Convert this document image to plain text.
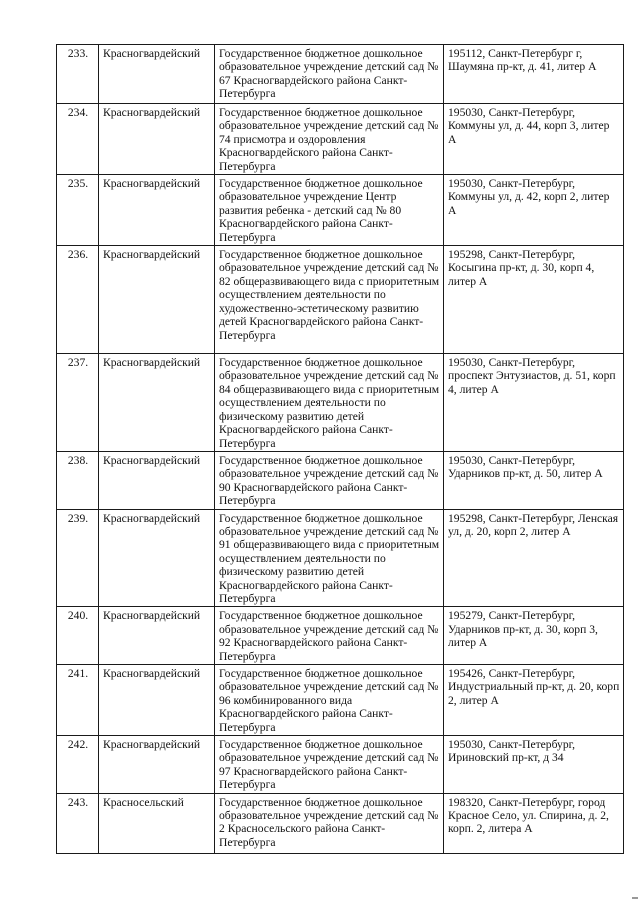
233.	Красногвардейский	Государственное бюджетное дошкольное образовательное учреждение детский сад № 67 Красногвардейского района Санкт-Петербурга	195112, Санкт-Петербург г, Шаумяна пр-кт, д. 41, литер А
234.	Красногвардейский	Государственное бюджетное дошкольное образовательное учреждение детский сад № 74 присмотра и оздоровления Красногвардейского района Санкт-Петербурга	195030, Санкт-Петербург, Коммуны ул, д. 44, корп 3, литер А
235.	Красногвардейский	Государственное бюджетное дошкольное образовательное учреждение Центр развития ребенка - детский сад № 80 Красногвардейского района Санкт-Петербурга	195030, Санкт-Петербург, Коммуны ул, д. 42, корп 2, литер А
236.	Красногвардейский	Государственное бюджетное дошкольное образовательное учреждение детский сад № 82 общеразвивающего вида с приоритетным осуществлением деятельности по художественно-эстетическому развитию детей Красногвардейского района Санкт-Петербурга	195298, Санкт-Петербург, Косыгина пр-кт, д. 30, корп 4, литер А
237.	Красногвардейский	Государственное бюджетное дошкольное образовательное учреждение детский сад № 84 общеразвивающего вида с приоритетным осуществлением деятельности по физическому развитию детей Красногвардейского района Санкт-Петербурга	195030, Санкт-Петербург, проспект Энтузиастов, д. 51, корп 4, литер А
238.	Красногвардейский	Государственное бюджетное дошкольное образовательное учреждение детский сад № 90 Красногвардейского района Санкт-Петербурга	195030, Санкт-Петербург, Ударников пр-кт, д. 50, литер А
239.	Красногвардейский	Государственное бюджетное дошкольное образовательное учреждение детский сад № 91 общеразвивающего вида с приоритетным осуществлением деятельности по физическому развитию детей Красногвардейского района Санкт-Петербурга	195298, Санкт-Петербург, Ленская ул, д. 20, корп 2, литер А
240.	Красногвардейский	Государственное бюджетное дошкольное образовательное учреждение детский сад № 92 Красногвардейского района Санкт-Петербурга	195279, Санкт-Петербург, Ударников пр-кт, д. 30, корп 3, литер А
241.	Красногвардейский	Государственное бюджетное дошкольное образовательное учреждение детский сад № 96 комбинированного вида Красногвардейского района Санкт-Петербурга	195426, Санкт-Петербург, Индустриальный пр-кт, д. 20, корп 2, литер А
242.	Красногвардейский	Государственное бюджетное дошкольное образовательное учреждение детский сад № 97 Красногвардейского района Санкт-Петербурга	195030, Санкт-Петербург, Ириновский пр-кт, д 34
243.	Красносельский	Государственное бюджетное дошкольное образовательное учреждение детский сад № 2 Красносельского района Санкт-Петербурга	198320, Санкт-Петербург, город Красное Село, ул. Спирина, д. 2, корп. 2, литера А
